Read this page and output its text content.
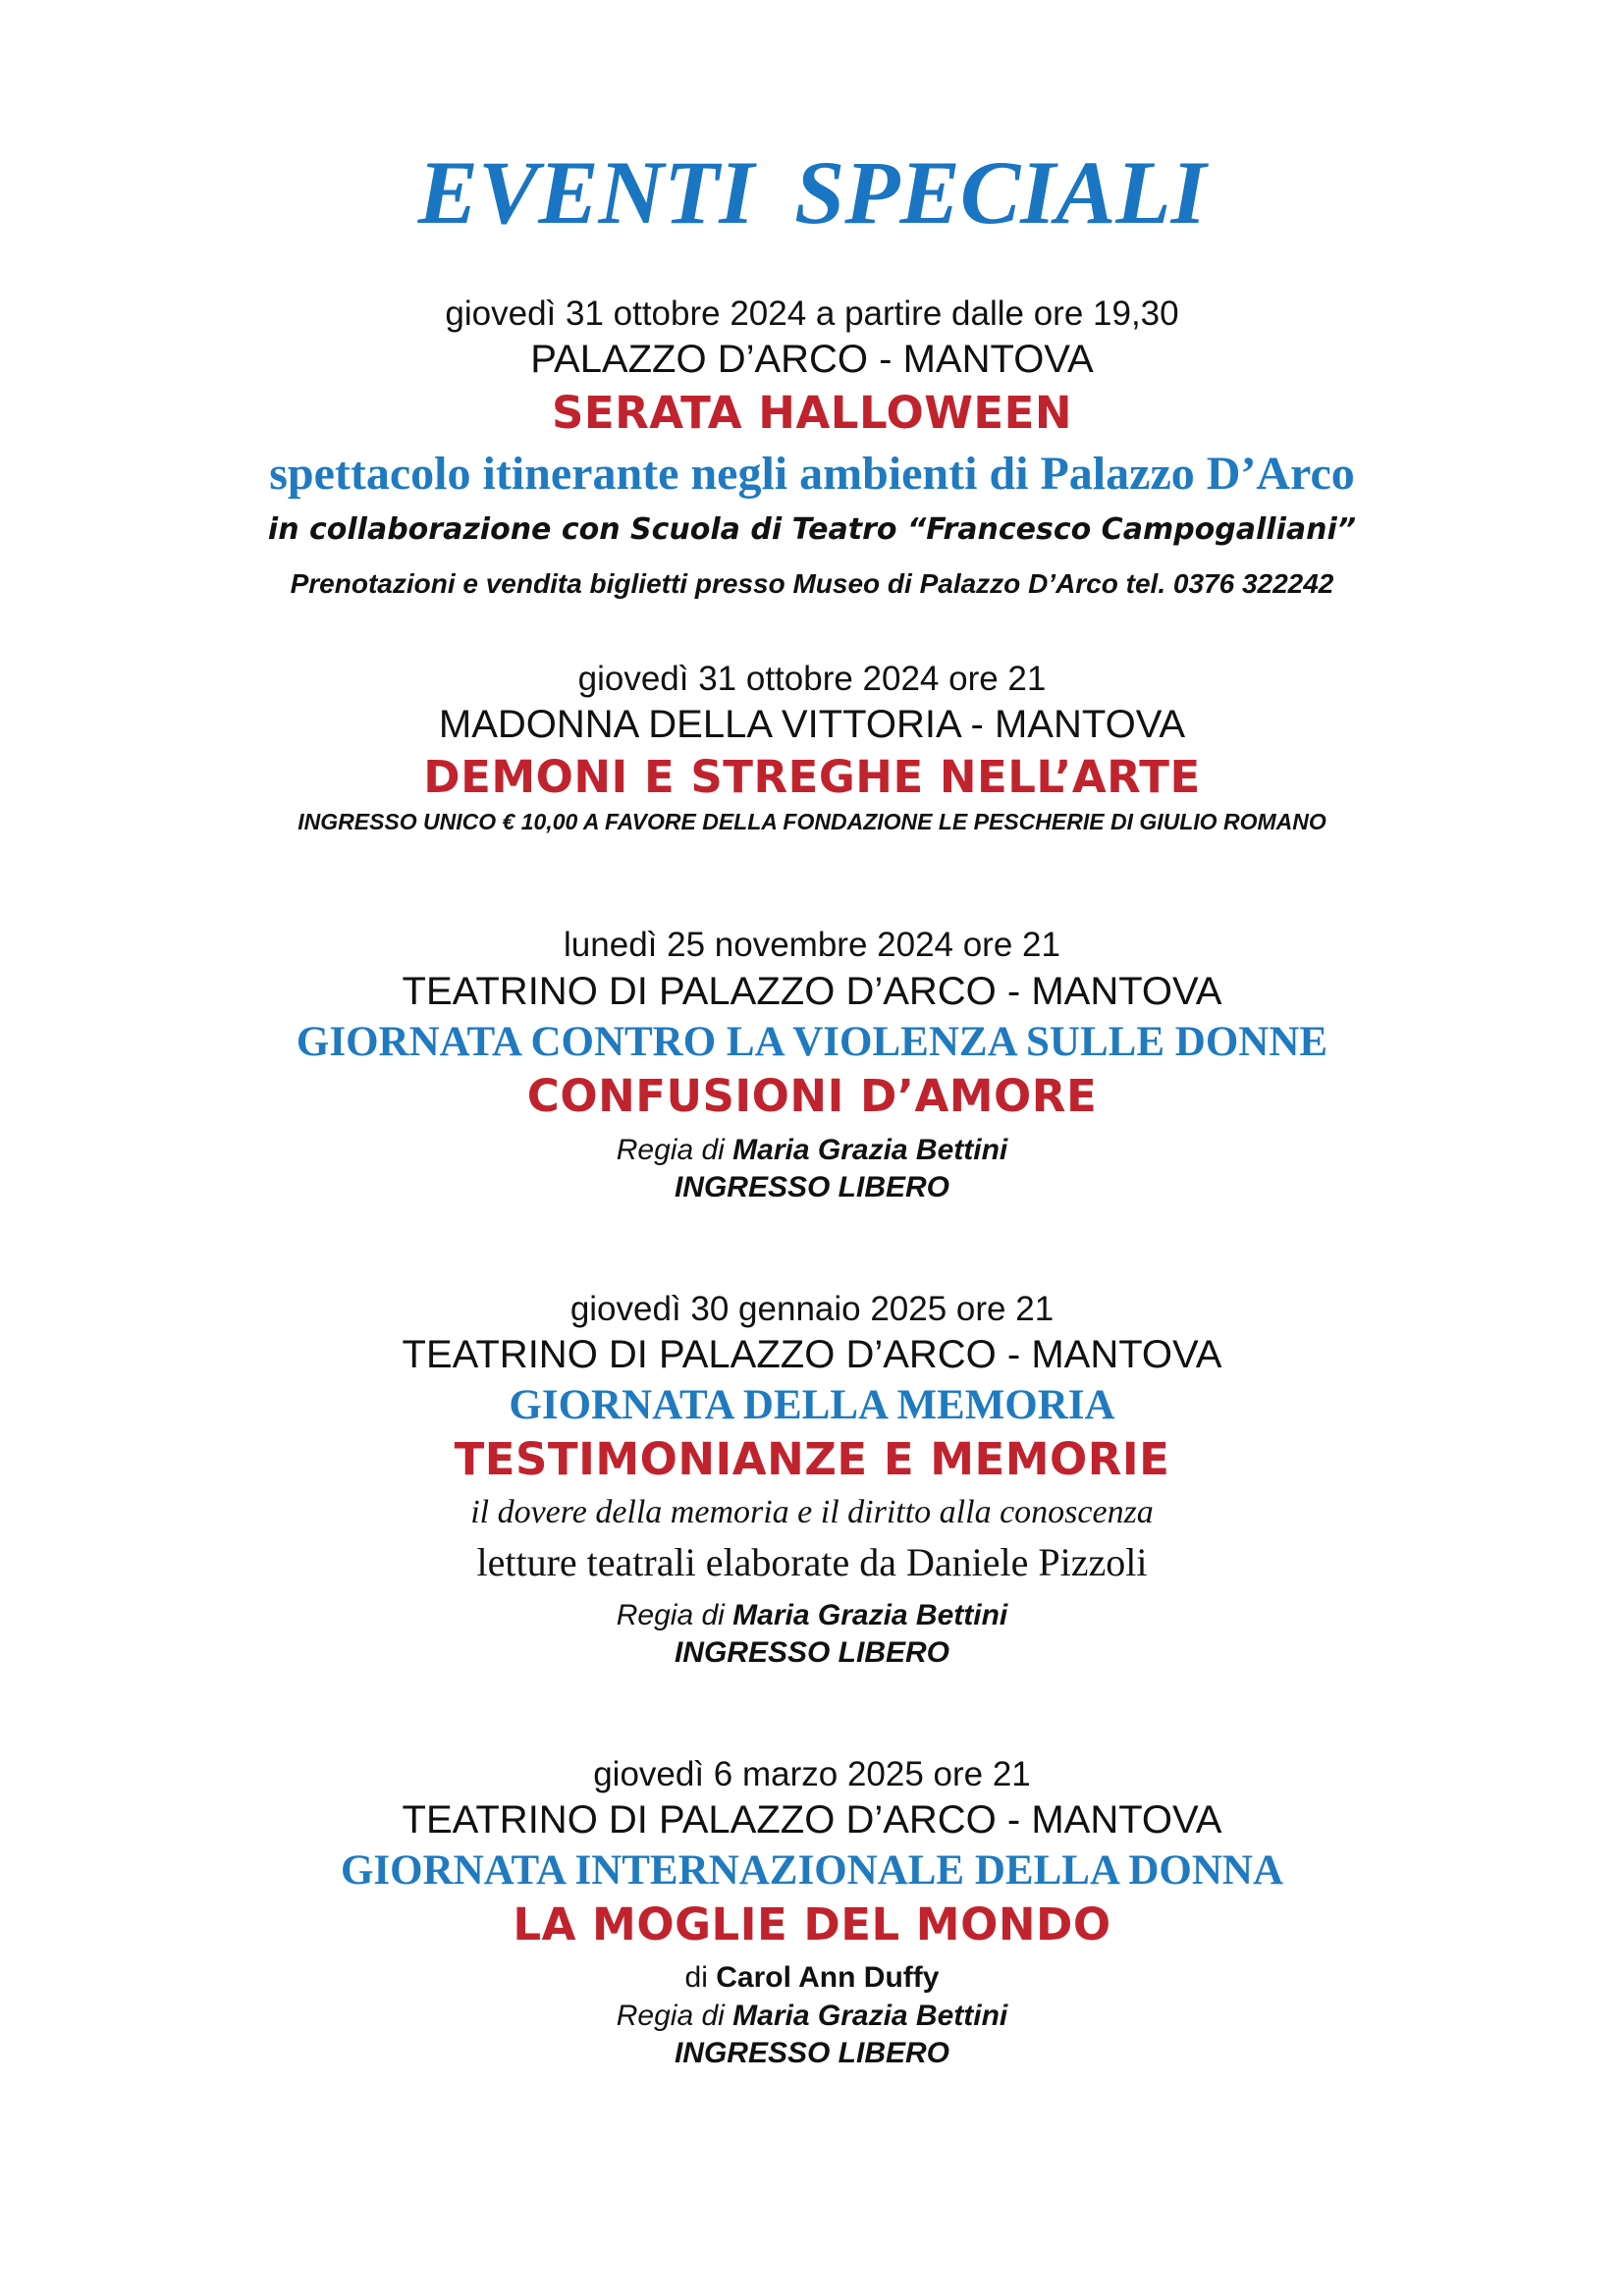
EVENTI SPECIALI
giovedì 31 ottobre 2024 a partire dalle ore 19,30
PALAZZO D’ARCO - MANTOVA
SERATA HALLOWEEN
spettacolo itinerante negli ambienti di Palazzo D’Arco
in collaborazione con Scuola di Teatro “Francesco Campogalliani”
Prenotazioni e vendita biglietti presso Museo di Palazzo D’Arco tel. 0376 322242
giovedì 31 ottobre 2024 ore 21
MADONNA DELLA VITTORIA - MANTOVA
DEMONI E STREGHE NELL’ARTE
INGRESSO UNICO € 10,00 A FAVORE DELLA FONDAZIONE LE PESCHERIE DI GIULIO ROMANO
lunedì 25 novembre 2024 ore 21
TEATRINO DI PALAZZO D’ARCO - MANTOVA
GIORNATA CONTRO LA VIOLENZA SULLE DONNE
CONFUSIONI D’AMORE
Regia di Maria Grazia Bettini
INGRESSO LIBERO
giovedì 30 gennaio 2025 ore 21
TEATRINO DI PALAZZO D’ARCO - MANTOVA
GIORNATA DELLA MEMORIA
TESTIMONIANZE E MEMORIE
il dovere della memoria e il diritto alla conoscenza
letture teatrali elaborate da Daniele Pizzoli
Regia di Maria Grazia Bettini
INGRESSO LIBERO
giovedì 6 marzo 2025 ore 21
TEATRINO DI PALAZZO D’ARCO - MANTOVA
GIORNATA INTERNAZIONALE DELLA DONNA
LA MOGLIE DEL MONDO
di Carol Ann Duffy
Regia di Maria Grazia Bettini
INGRESSO LIBERO
